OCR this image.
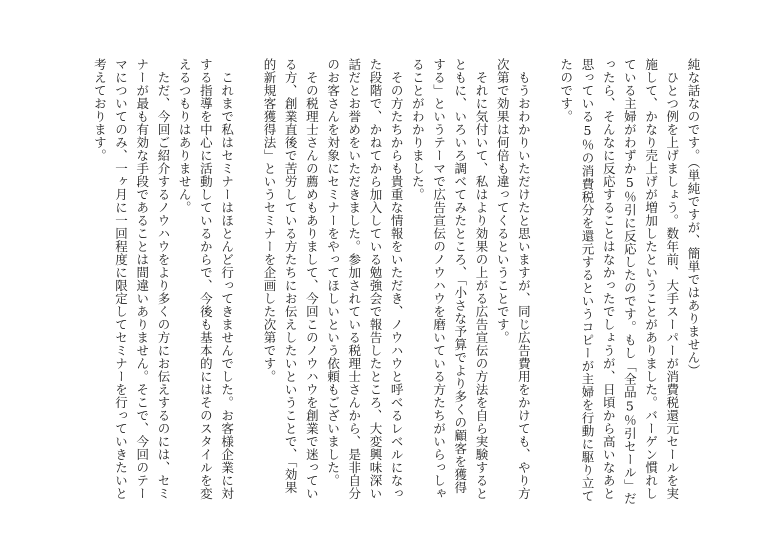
純な話なのです。（単純ですが、簡単ではありません）
　ひとつ例を上げましょう。数年前、大手スーパーが消費税還元セールを実
施して、かなり売上げが増加したということがありました。バーゲン慣れし
ている主婦がわずか5％引に反応したのです。もし「全品5％引セール」だ
ったら、そんなに反応することはなかったでしょうが、日頃から高いなあと
思っている5％の消費税分を還元するというコピーが主婦を行動に駆り立て
たのです。
　もうおわかりいただけたと思いますが、同じ広告費用をかけても、やり方
次第で効果は何倍も違ってくるということです。
　それに気付いて、私はより効果の上がる広告宣伝の方法を自ら実験すると
ともに、いろいろ調べてみたところ、「小さな予算でより多くの顧客を獲得
する」というテーマで広告宣伝のノウハウを磨いている方たちがいらっしゃ
ることがわかりました。
　その方たちからも貴重な情報をいただき、ノウハウと呼べるレベルになっ
た段階で、かねてから加入している勉強会で報告したところ、大変興味深い
話だとお誉めをいただきました。参加されている税理士さんから、是非自分
のお客さんを対象にセミナーをやってほしいという依頼もございました。
　その税理士さんの薦めもありまして、今回このノウハウを創業で迷ってい
る方、創業直後で苦労している方たちにお伝えしたいということで、「効果
的新規客獲得法」というセミナーを企画した次第です。
　これまで私はセミナーはほとんど行ってきませんでした。お客様企業に対
する指導を中心に活動しているからで、今後も基本的にはそのスタイルを変
えるつもりはありません。
　ただ、今回ご紹介するノウハウをより多くの方にお伝えするのには、セミ
ナーが最も有効な手段であることは間違いありません。そこで、今回のテー
マについてのみ、一ヶ月に一回程度に限定してセミナーを行っていきたいと
考えております。
